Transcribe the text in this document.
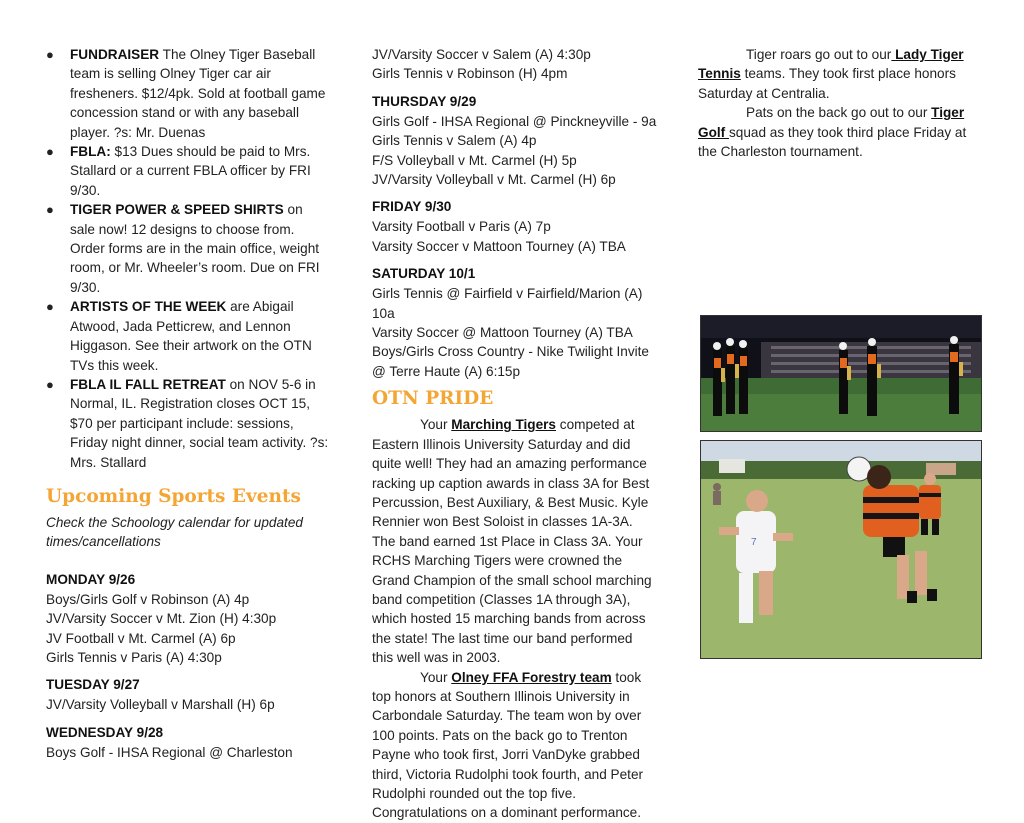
● FUNDRAISER The Olney Tiger Baseball team is selling Olney Tiger car air fresheners. $12/4pk. Sold at football game concession stand or with any baseball player. ?s: Mr. Duenas
● FBLA: $13 Dues should be paid to Mrs. Stallard or a current FBLA officer by FRI 9/30.
● TIGER POWER & SPEED SHIRTS on sale now! 12 designs to choose from. Order forms are in the main office, weight room, or Mr. Wheeler’s room. Due on FRI 9/30.
● ARTISTS OF THE WEEK are Abigail Atwood, Jada Petticrew, and Lennon Higgason. See their artwork on the OTN TVs this week.
● FBLA IL FALL RETREAT on NOV 5-6 in Normal, IL. Registration closes OCT 15, $70 per participant include: sessions, Friday night dinner, social team activity. ?s: Mrs. Stallard
Upcoming Sports Events
Check the Schoology calendar for updated times/cancellations
MONDAY 9/26
Boys/Girls Golf v Robinson (A) 4p
JV/Varsity Soccer v Mt. Zion (H) 4:30p
JV Football v Mt. Carmel (A) 6p
Girls Tennis v Paris (A) 4:30p
TUESDAY 9/27
JV/Varsity Volleyball v Marshall (H) 6p
WEDNESDAY 9/28
Boys Golf - IHSA Regional @ Charleston
JV/Varsity Soccer v Salem (A) 4:30p
Girls Tennis v Robinson (H) 4pm
THURSDAY 9/29
Girls Golf - IHSA Regional @ Pinckneyville - 9a
Girls Tennis v Salem (A) 4p
F/S Volleyball v Mt. Carmel (H) 5p
JV/Varsity Volleyball v Mt. Carmel (H) 6p
FRIDAY 9/30
Varsity Football v Paris (A) 7p
Varsity Soccer v Mattoon Tourney (A) TBA
SATURDAY 10/1
Girls Tennis @ Fairfield v Fairfield/Marion (A) 10a
Varsity Soccer @ Mattoon Tourney (A) TBA
Boys/Girls Cross Country - Nike Twilight Invite @ Terre Haute (A) 6:15p
OTN PRIDE

Your Marching Tigers competed at Eastern Illinois University Saturday and did quite well! They had an amazing performance racking up caption awards in class 3A for Best Percussion, Best Auxiliary, & Best Music. Kyle Rennier won Best Soloist in classes 1A-3A. The band earned 1st Place in Class 3A. Your RCHS Marching Tigers were crowned the Grand Champion of the small school marching band competition (Classes 1A through 3A), which hosted 15 marching bands from across the state! The last time our band performed this well was in 2003.

Your Olney FFA Forestry team took top honors at Southern Illinois University in Carbondale Saturday. The team won by over 100 points. Pats on the back go to Trenton Payne who took first, Jorri VanDyke grabbed third, Victoria Rudolphi took fourth, and Peter Rudolphi rounded out the top five. Congratulations on a dominant performance.

Tiger roars go out to our Lady Tiger Tennis teams. They took first place honors Saturday at Centralia.

Pats on the back go out to our Tiger Golf squad as they took third place Friday at the Charleston tournament.

7
